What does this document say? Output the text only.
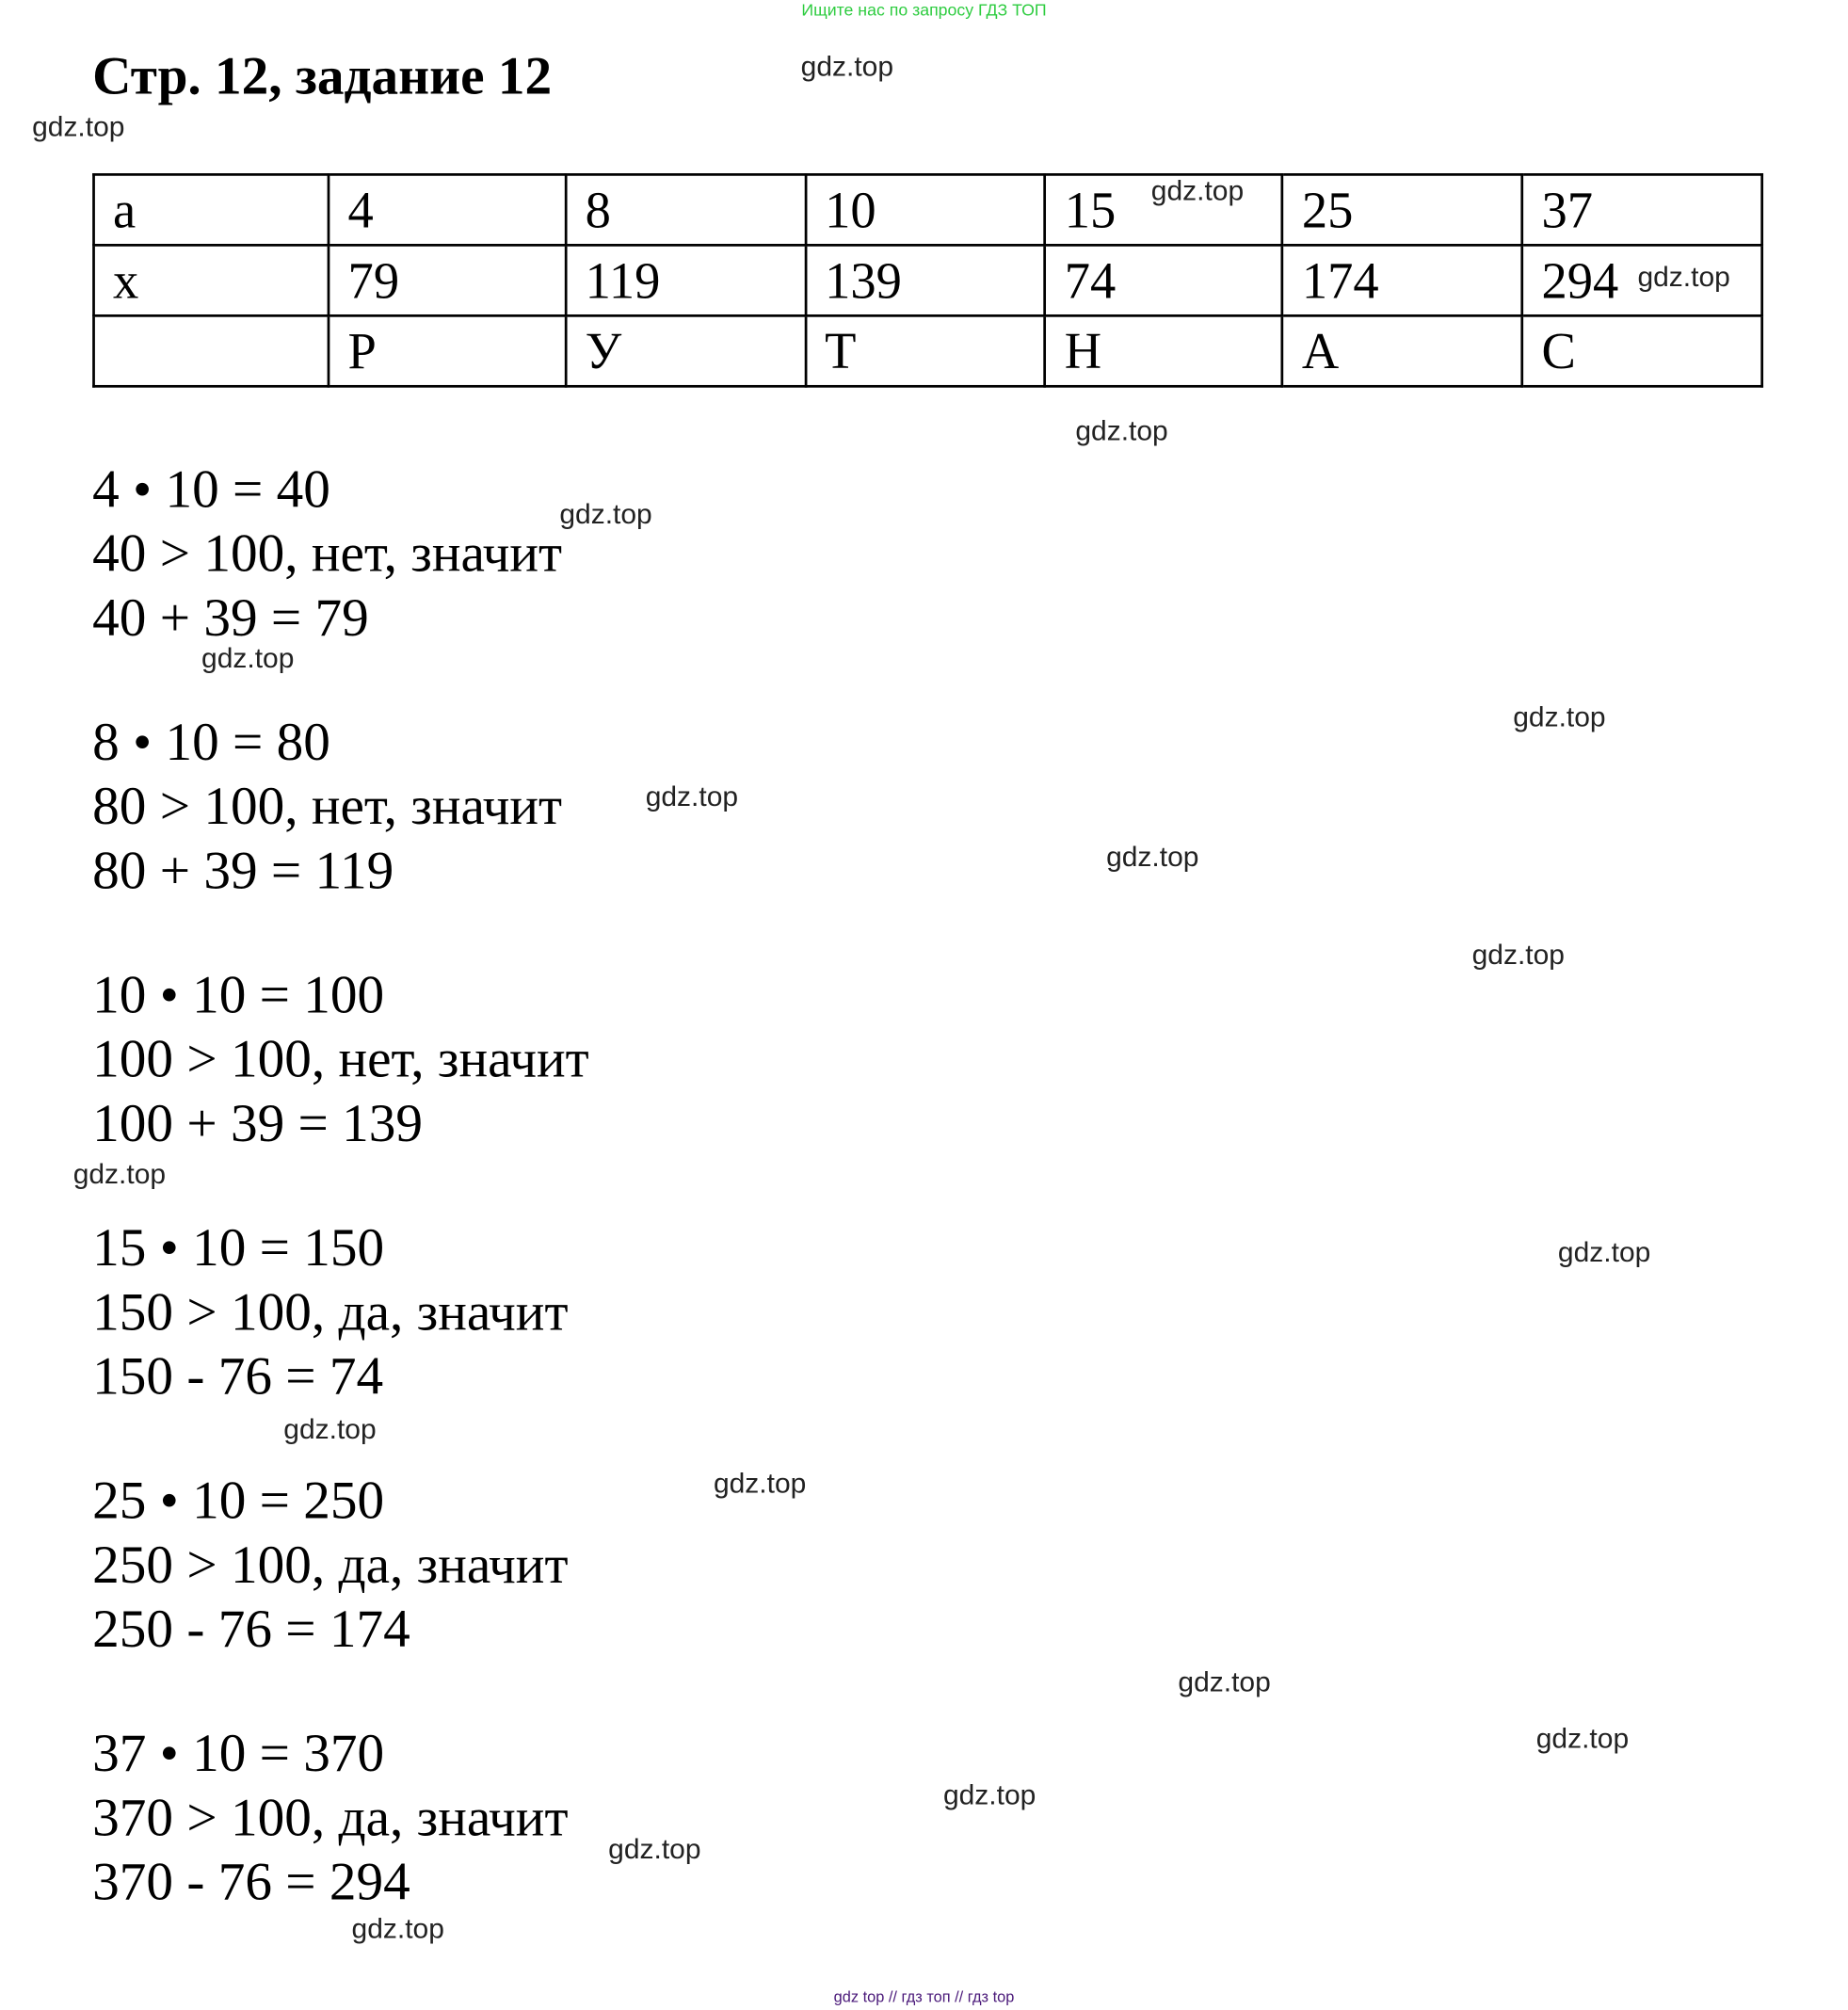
Ищите нас по запросу ГДЗ ТОП
Стр. 12, задание 12
a	4	8	10	15	25	37
x	79	119	139	74	174	294
	Р	У	Т	Н	А	С
4 • 10 = 40
40 > 100, нет, значит
40 + 39 = 79
8 • 10 = 80
80 > 100, нет, значит
80 + 39 = 119
10 • 10 = 100
100 > 100, нет, значит
100 + 39 = 139
15 • 10 = 150
150 > 100, да, значит
150 - 76 = 74
25 • 10 = 250
250 > 100, да, значит
250 - 76 = 174
37 • 10 = 370
370 > 100, да, значит
370 - 76 = 294
gdz.top
gdz.top
gdz.top
gdz.top
gdz.top
gdz.top
gdz.top
gdz.top
gdz.top
gdz.top
gdz.top
gdz.top
gdz.top
gdz.top
gdz.top
gdz.top
gdz.top
gdz.top
gdz.top
gdz.top
gdz top // гдз топ // гдз top
